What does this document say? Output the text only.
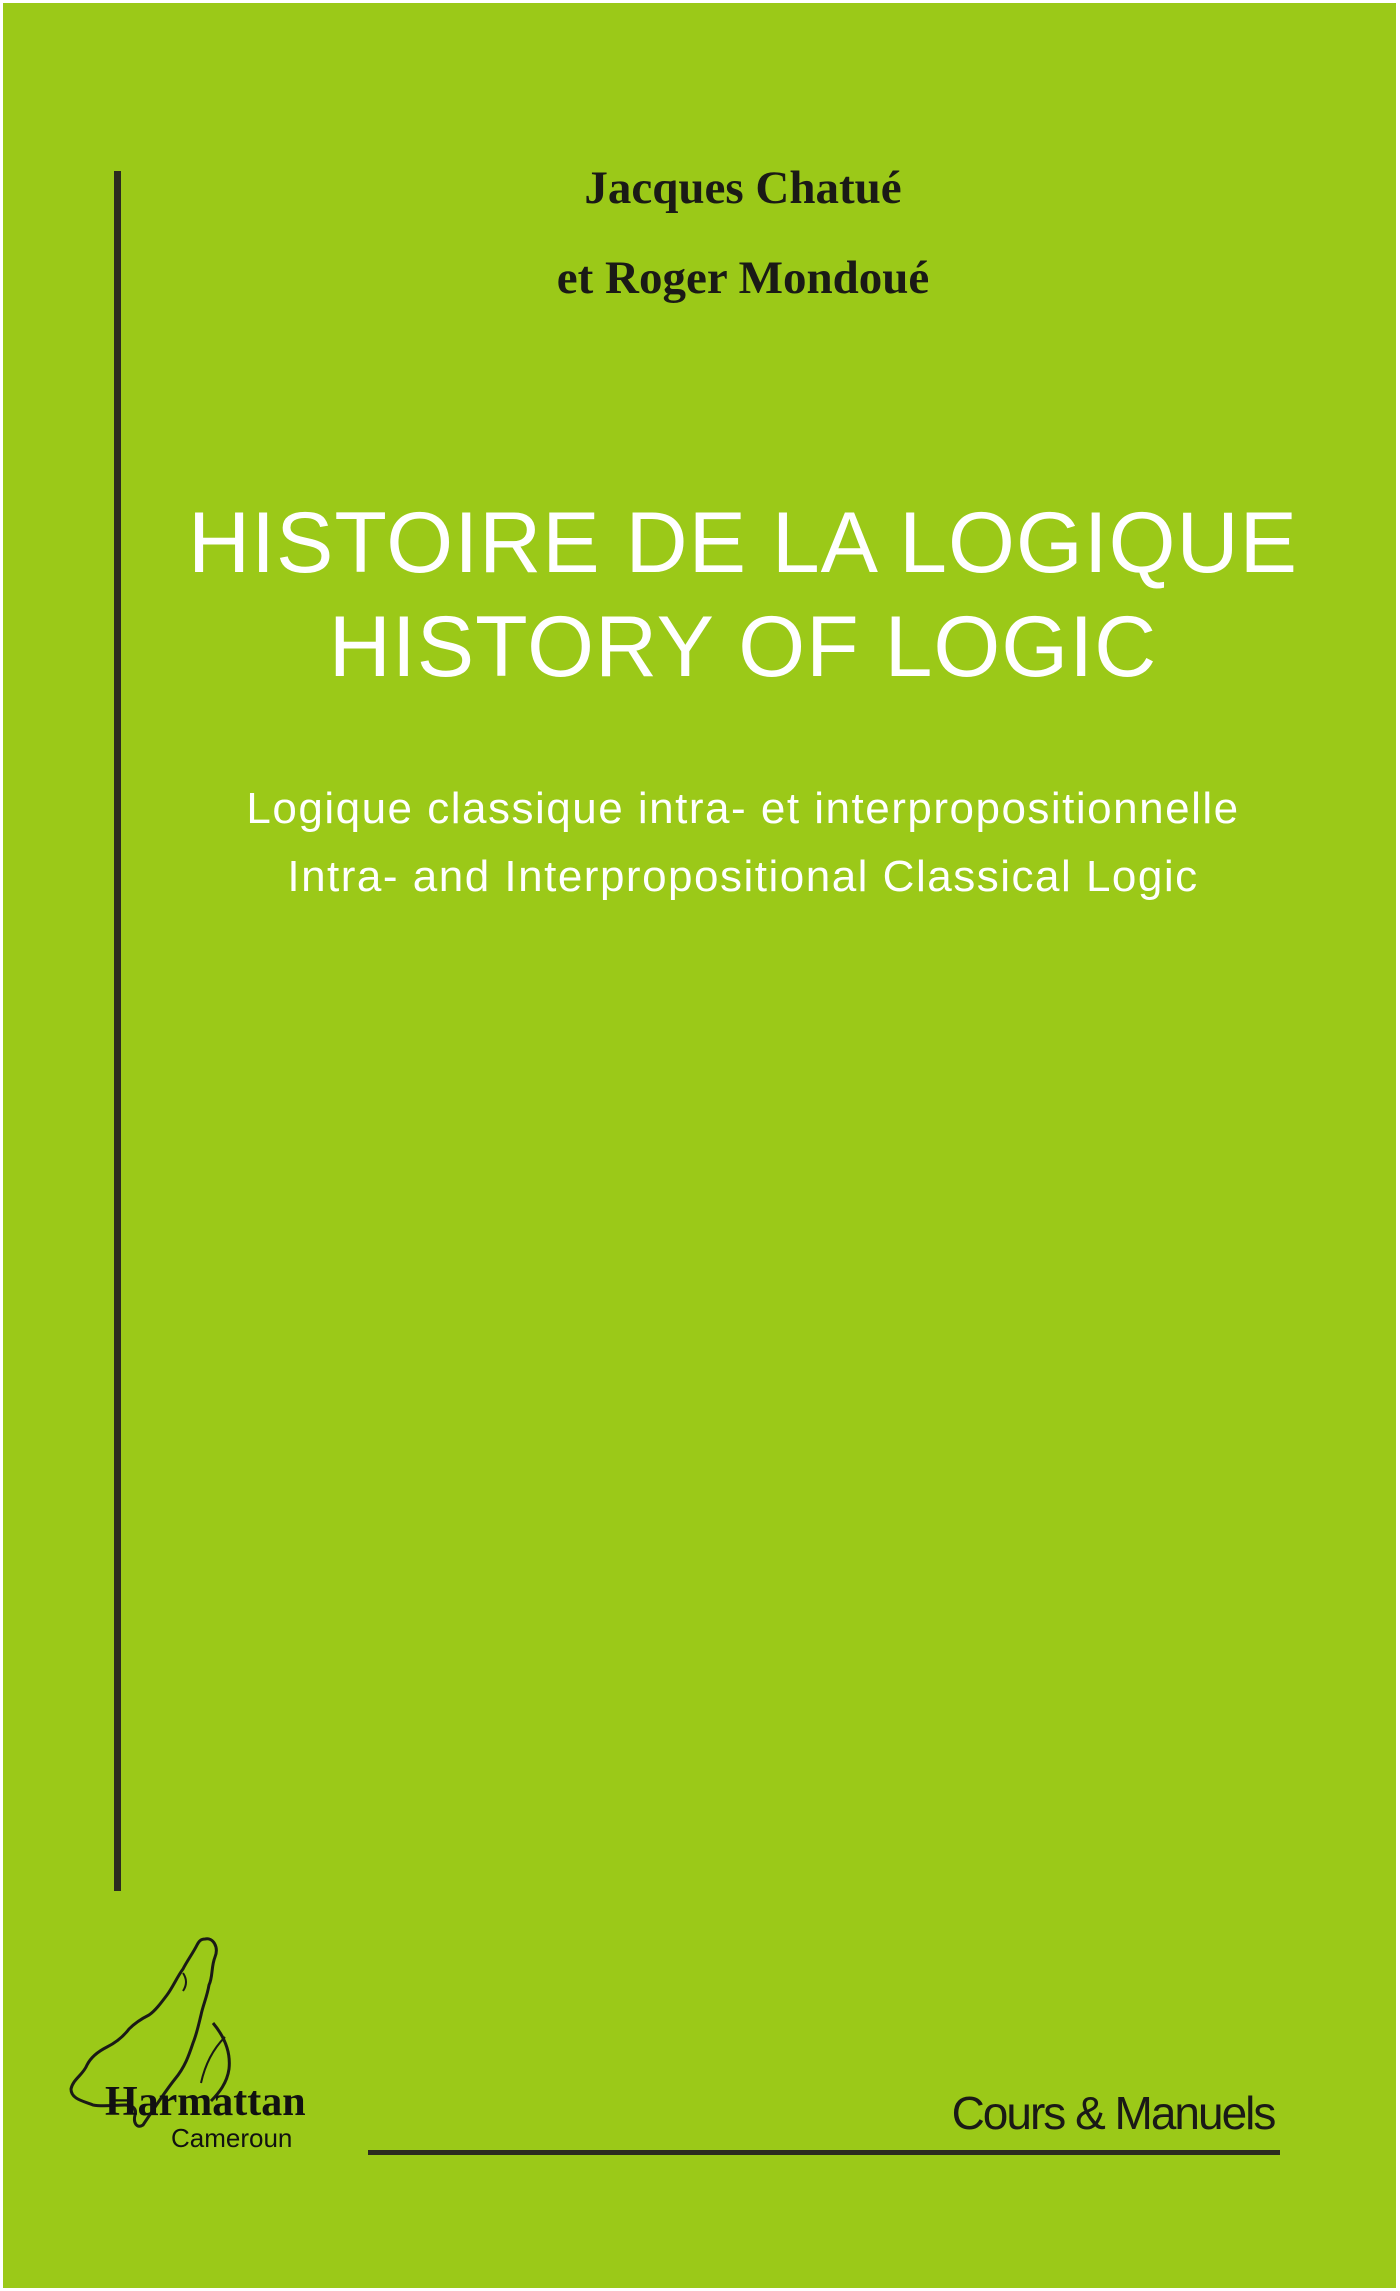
Jacques Chatué
et Roger Mondoué
HISTOIRE DE LA LOGIQUE
HISTORY OF LOGIC
Logique classique intra- et interpropositionnelle
Intra- and Interpropositional Classical Logic
Harmattan
Cameroun	Cours & Manuels
